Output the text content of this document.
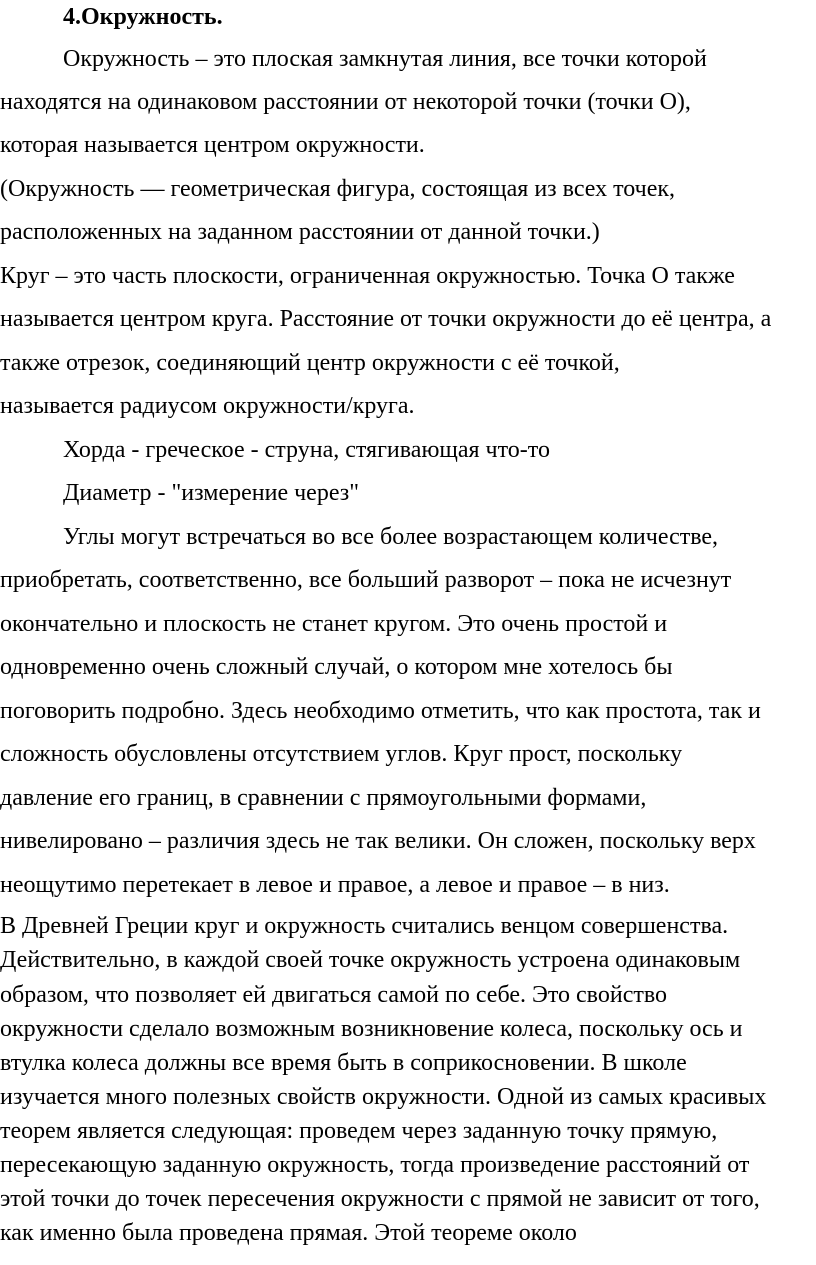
4.Окружность.
Окружность – это плоская замкнутая линия, все точки которой
находятся на одинаковом расстоянии от некоторой точки (точки О),
которая называется центром окружности.
(Окружность — геометрическая фигура, состоящая из всех точек,
расположенных на заданном расстоянии от данной точки.)
Круг – это часть плоскости, ограниченная окружностью. Точка О также
называется центром круга. Расстояние от точки окружности до её центра, а
также отрезок, соединяющий центр окружности с её точкой,
называется радиусом окружности/круга.
Хорда - греческое - струна, стягивающая что-то
Диаметр - "измерение через"
Углы могут встречаться во все более возрастающем количестве,
приобретать, соответственно, все больший разворот – пока не исчезнут
окончательно и плоскость не станет кругом. Это очень простой и
одновременно очень сложный случай, о котором мне хотелось бы
поговорить подробно. Здесь необходимо отметить, что как простота, так и
сложность обусловлены отсутствием углов. Круг прост, поскольку
давление его границ, в сравнении с прямоугольными формами,
нивелировано – различия здесь не так велики. Он сложен, поскольку верх
неощутимо перетекает в левое и правое, а левое и правое – в низ.
В Древней Греции круг и окружность считались венцом совершенства.
Действительно, в каждой своей точке окружность устроена одинаковым
образом, что позволяет ей двигаться самой по себе. Это свойство
окружности сделало возможным возникновение колеса, поскольку ось и
втулка колеса должны все время быть в соприкосновении. В школе
изучается много полезных свойств окружности. Одной из самых красивых
теорем является следующая: проведем через заданную точку прямую,
пересекающую заданную окружность, тогда произведение расстояний от
этой точки до точек пересечения окружности с прямой не зависит от того,
как именно была проведена прямая. Этой теореме около
